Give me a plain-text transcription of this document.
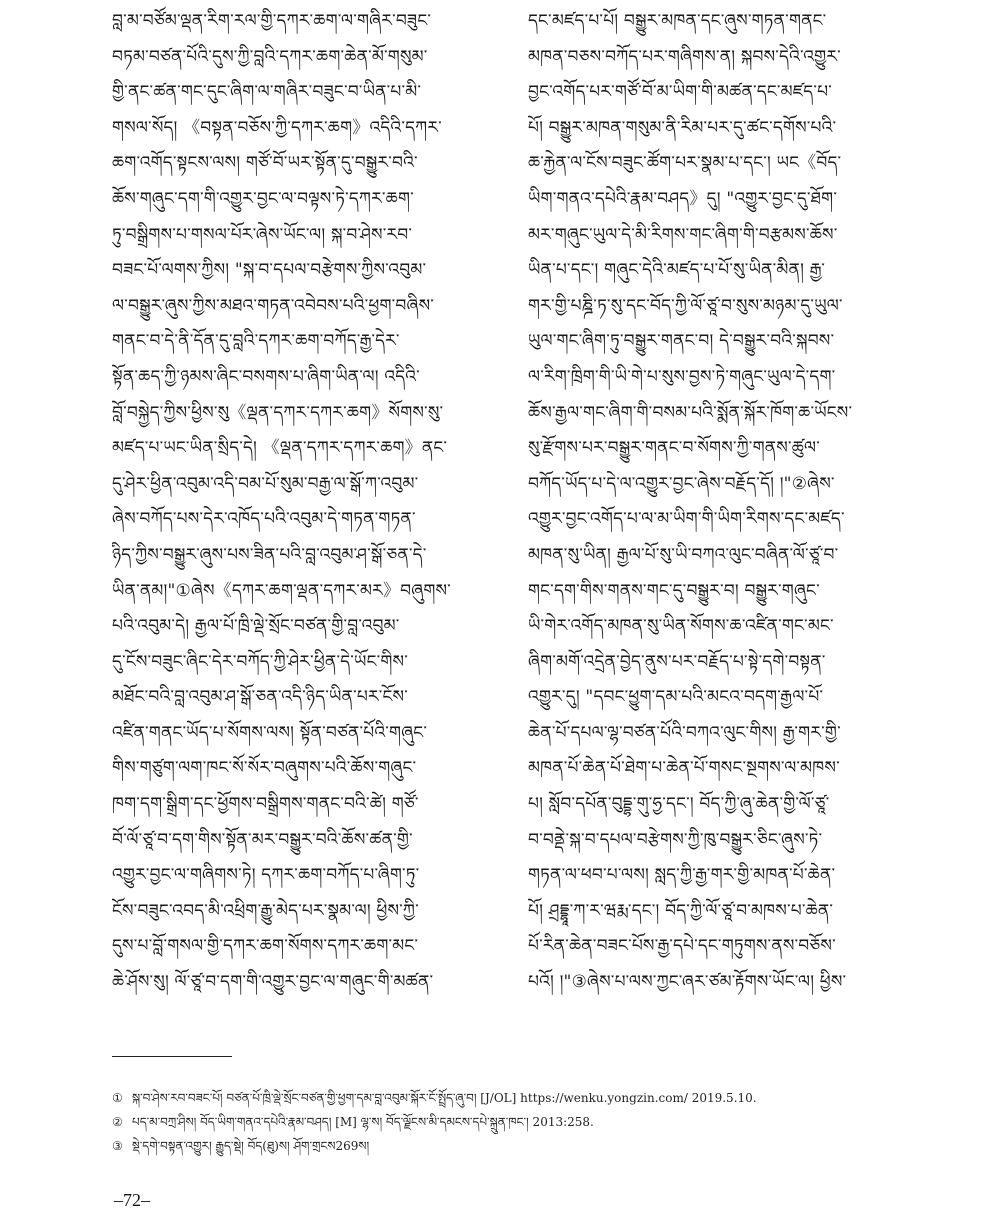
བླ་མ་བཙོམ་ལྡན་རིག་རལ་གྱི་དཀར་ཆག་ལ་གཞིར་བཟུང་
བཏམ་བཙན་པོའི་དུས་ཀྱི་བླའི་དཀར་ཆག་ཆེན་མོ་གསུམ་
གྱི་ནང་ཚན་གང་དུང་ཞིག་ལ་གཞིར་བཟུང་བ་ཡིན་པ་མི་
གསལ་སོད། 《བསྟན་བཅོས་ཀྱི་དཀར་ཆག》འདིའི་དཀར་
ཆག་འགོད་སྟངས་ལས། གཙོ་བོ་ཡར་སྟོན་དུ་བསྒྱུར་བའི་
ཆོས་གཞུང་དག་གི་འགྱུར་བྱང་ལ་བལྟས་ཏེ་དཀར་ཆག་
ཏུ་བསྒྲིགས་པ་གསལ་པོར་ཞེས་ཡོང་ལ། སྐ་བ་ཤེས་རབ་
བཟང་པོ་ལགས་ཀྱིས། "སྐ་བ་དཔལ་བརྩེགས་ཀྱིས་འབུམ་
ལ་བསྒྱུར་ཞུས་ཀྱིས་མཐའ་གཏན་འབེབས་པའི་ཕྱག་བཞིས་
གནང་བ་དེ་ནི་དོན་དུ་བླའི་དཀར་ཆག་བཀོད་རྒྱ་དེར་
སྟོན་ཆད་ཀྱི་ཉམས་ཞིང་བསགས་པ་ཞིག་ཡིན་ལ། འདིའི་
བློ་བསྐྱེད་ཀྱིས་ཕྱིས་སུ《ལྡན་དཀར་དཀར་ཆག》སོགས་སུ་
མཛད་པ་ཡང་ཡིན་སྲིད་དེ། 《ལྡན་དཀར་དཀར་ཆག》ནང་
དུ་ཤེར་ཕྱིན་འབུམ་འདི་བམ་པོ་སུམ་བརྒྱ་ལ་སྒོ་ཀ་འབུམ་
ཞེས་བཀོད་པས་དེར་འཁོད་པའི་འབུམ་དེ་གཏན་གཏན་
ཉིད་ཀྱིས་བསྒྱུར་ཞུས་པས་ཟིན་པའི་བླ་འབུམ་ཤ་སྒོ་ཅན་དེ་
ཡིན་ནམ།"①ཞེས《དཀར་ཆག་ལྡན་དཀར་མར》བཞུགས་
པའི་འབུམ་དེ། རྒྱལ་པོ་ཁྲི་ལྡེ་སྲོང་བཙན་གྱི་བླ་འབུམ་
དུ་ངོས་བཟུང་ཞིང་དེར་བཀོད་ཀྱི་ཤེར་ཕྱིན་དེ་ཡོང་གིས་
མཐོང་བའི་བླ་འབུམ་ཤ་སྒོ་ཅན་འདི་ཉིད་ཡིན་པར་ངོས་
འཛིན་གནང་ཡོད་པ་སོགས་ལས། སྟོན་བཙན་པོའི་གཞུང་
གིས་གཙུག་ལག་ཁང་སོ་སོར་བཞུགས་པའི་ཆོས་གཞུང་
ཁག་དག་སྒྲིག་དང་ཕྱོགས་བསྒྲིགས་གནང་བའི་ཚེ། གཙོ་
བོ་ལོ་ཙཱ་བ་དག་གིས་སྟོན་མར་བསྒྱུར་བའི་ཆོས་ཚན་གྱི་
འགྱུར་བྱང་ལ་གཞིགས་ཏེ། དཀར་ཆག་བཀོད་པ་ཞིག་ཏུ་
ངོས་བཟུང་འབད་མི་འཕྲིག་རྒྱུ་མེད་པར་སྣམ་ལ། ཕྱིས་ཀྱི་
དུས་པ་བློ་གསལ་གྱི་དཀར་ཆག་སོགས་དཀར་ཆག་མང་
ཆེ་ཤོས་སུ། ལོ་ཙཱ་བ་དག་གི་འགྱུར་བྱང་ལ་གཞུང་གི་མཚན་
དང་མཛད་པ་པོ། བསྒྱུར་མཁན་དང་ཞུས་གཏན་གནང་
མཁན་བཅས་བཀོད་པར་གཞིགས་ན། སྐབས་དེའི་འགྱུར་
བྱང་འགོད་པར་གཙོ་བོ་མ་ཡིག་གི་མཚན་དང་མཛད་པ་
པོ། བསྒྱུར་མཁན་གསུམ་ནི་རིམ་པར་དུ་ཚང་དགོས་པའི་
ཆ་རྐྱེན་ལ་ངོས་བཟུང་ཚོག་པར་སྣམ་པ་དང་། ཡང《བོད་
ཡིག་གནའ་དཔེའི་རྣམ་བཤད》དུ། "འགྱུར་བྱང་དུ་ཐོག་
མར་གཞུང་ཡུལ་དེ་མི་རིགས་གང་ཞིག་གི་བརྩམས་ཆོས་
ཡིན་པ་དང་། གཞུང་དེའི་མཛད་པ་པོ་སུ་ཡིན་མིན། རྒྱ་
གར་གྱི་པཎྜི་ཏ་སུ་དང་བོད་ཀྱི་ལོ་ཙཱ་བ་སུས་མཉམ་དུ་ཡུལ་
ཡུལ་གང་ཞིག་ཏུ་བསྒྱུར་གནང་བ། དེ་བསྒྱུར་བའི་སྐབས་
ལ་རིག་ཁྲིག་གི་ཡི་གེ་པ་སུས་བྱས་ཏེ་གཞུང་ཡུལ་དེ་དག་
ཆོས་རྒྱལ་གང་ཞིག་གི་བསམ་པའི་སྨོན་སྐོར་ཁོག་ཆ་ཡོངས་
སུ་རྫོགས་པར་བསྒྱུར་གནང་བ་སོགས་ཀྱི་གནས་ཚུལ་
བཀོད་ཡོད་པ་དེ་ལ་འགྱུར་བྱང་ཞེས་བརྗོད་དོ། །"②ཞེས་
འགྱུར་བྱང་འགོད་པ་ལ་མ་ཡིག་གི་ཡིག་རིགས་དང་མཛད་
མཁན་སུ་ཡིན། རྒྱལ་པོ་སུ་ཡི་བཀའ་ལུང་བཞིན་ལོ་ཙཱ་བ་
གང་དག་གིས་གནས་གང་དུ་བསྒྱུར་བ། བསྒྱུར་གཞུང་
ཡི་གེར་འགོད་མཁན་སུ་ཡིན་སོགས་ཆ་འཛིན་གང་མང་
ཞིག་མགོ་འདྲེན་བྱེད་ནུས་པར་བརྗོད་པ་སྟེ་དགེ་བསྟན་
འགྱུར་དུ། "དབང་ཕྱུག་དམ་པའི་མངའ་བདག་རྒྱལ་པོ་
ཆེན་པོ་དཔལ་ལྷ་བཙན་པོའི་བཀའ་ལུང་གིས། རྒྱ་གར་གྱི་
མཁན་པོ་ཆེན་པོ་ཐེག་པ་ཆེན་པོ་གསང་སྔགས་ལ་མཁས་
པ། སློབ་དཔོན་བུདྡྷ་གུ་ཧྱ་དང་། བོད་ཀྱི་ཞུ་ཆེན་གྱི་ལོ་ཙཱ་
བ་བནྡེ་སྐ་བ་དཔལ་བརྩེགས་ཀྱི་ཁུ་བསྒྱུར་ཅིང་ཞུས་ཏེ་
གཏན་ལ་ཕབ་པ་ལས། སླད་ཀྱི་རྒྱ་གར་གྱི་མཁན་པོ་ཆེན་
པོ། ཤྲདྡྷཱ་ཀ་ར་ཝརྨ་དང་། བོད་ཀྱི་ལོ་ཙཱ་བ་མཁས་པ་ཆེན་
པོ་རིན་ཆེན་བཟང་པོས་རྒྱ་དཔེ་དང་གཏུགས་ནས་བཅོས་
པའོ། །"③ཞེས་པ་ལས་ཀྱང་ཞར་ཙམ་རྟོགས་ཡོང་ལ། ཕྱིས་
① སྐ་བ་ཤེས་རབ་བཟང་པོ། བཙན་པོ་ཁྲི་ལྡེ་སྲོང་བཙན་གྱི་ཕྱག་དམ་བླ་འབུམ་སྐོར་ངོ་སྤྲོད་ཞུ་བ། [J/OL] https://wenku.yongzin.com/ 2019.5.10.
② པད་མ་བཀྲ་ཤིས། བོད་ཡིག་གནའ་དཔེའི་རྣམ་བཤད། [M] ལྷ་ས། བོད་ལྗོངས་མི་དམངས་དཔེ་སྐྲུན་ཁང་། 2013:258.
③ སྡེ་དགེ་བསྟན་འགྱུར། རྒྱུད་སྡེ། བོད(ཐུ)ས། ཤོག་གྲངས269ས།
–72–
